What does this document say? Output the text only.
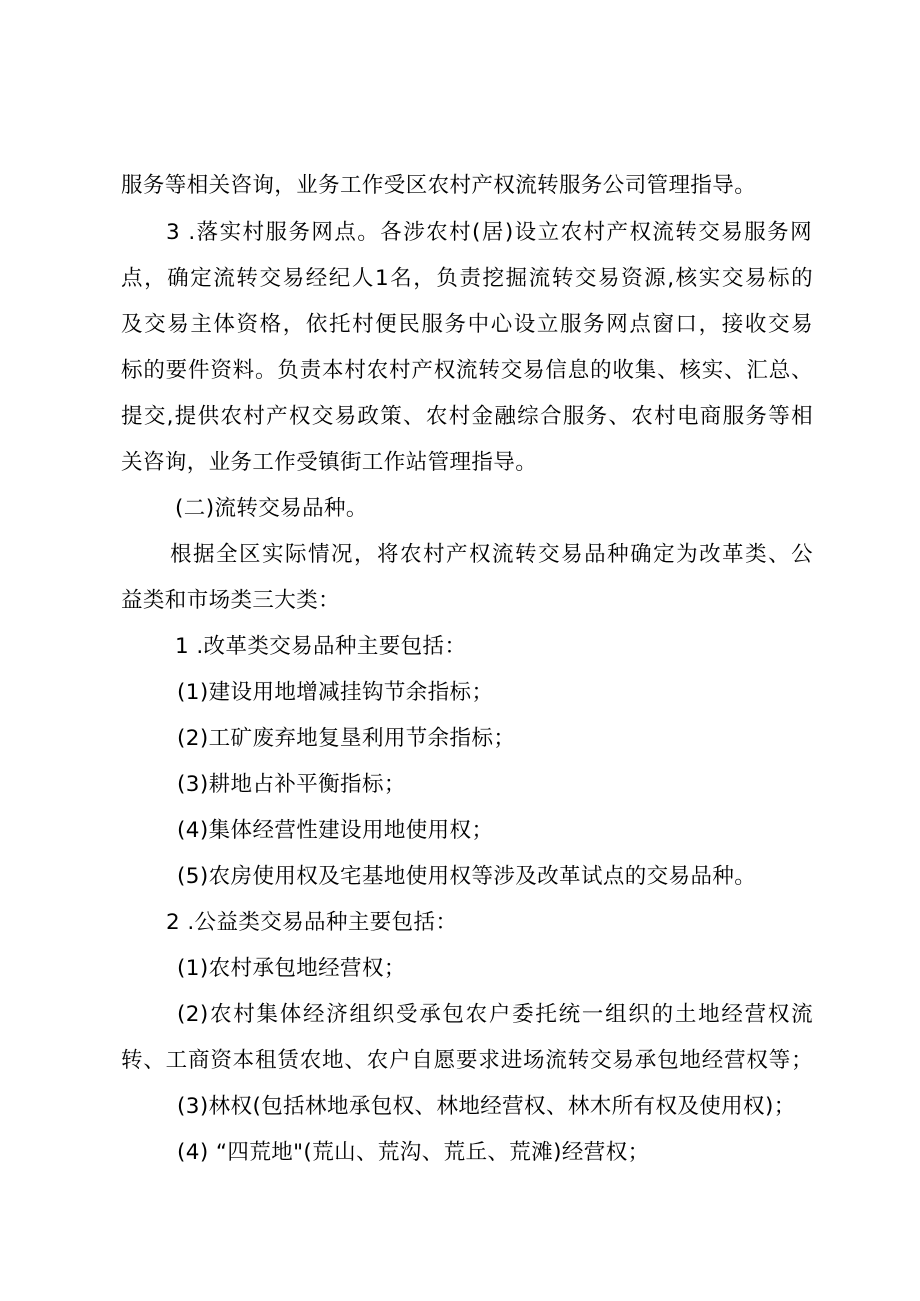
服务等相关咨询，业务工作受区农村产权流转服务公司管理指导。
3 .落实村服务网点。各涉农村(居)设立农村产权流转交易服务网
点，确定流转交易经纪人1名，负责挖掘流转交易资源,核实交易标的
及交易主体资格，依托村便民服务中心设立服务网点窗口，接收交易
标的要件资料。负责本村农村产权流转交易信息的收集、核实、汇总、
提交,提供农村产权交易政策、农村金融综合服务、农村电商服务等相
关咨询，业务工作受镇街工作站管理指导。
(二)流转交易品种。
根据全区实际情况，将农村产权流转交易品种确定为改革类、公
益类和市场类三大类：
1 .改革类交易品种主要包括：
(1)建设用地增减挂钩节余指标；
(2)工矿废弃地复垦利用节余指标；
(3)耕地占补平衡指标；
(4)集体经营性建设用地使用权；
(5)农房使用权及宅基地使用权等涉及改革试点的交易品种。
2 .公益类交易品种主要包括：
(1)农村承包地经营权；
(2)农村集体经济组织受承包农户委托统一组织的土地经营权流
转、工商资本租赁农地、农户自愿要求进场流转交易承包地经营权等；
(3)林权(包括林地承包权、林地经营权、林木所有权及使用权)；
(4) “四荒地"(荒山、荒沟、荒丘、荒滩)经营权；
